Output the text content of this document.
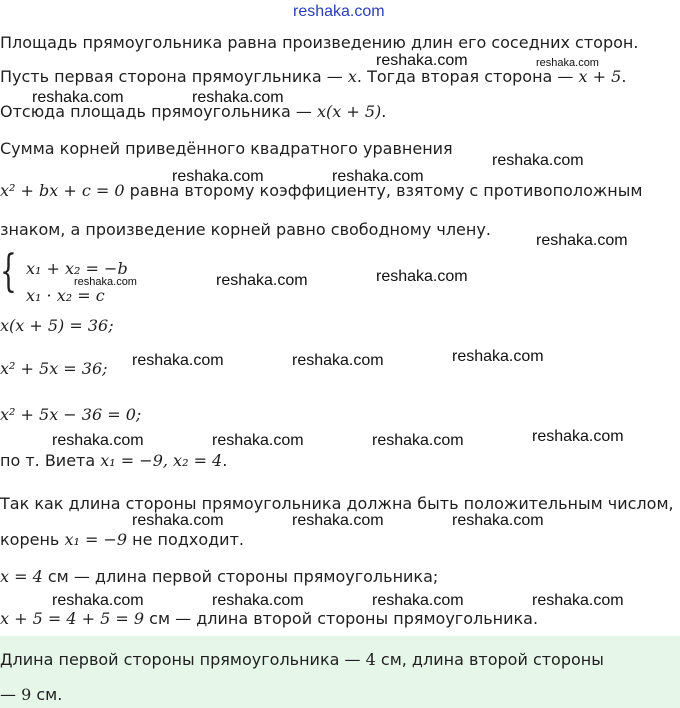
reshaka.com
Площадь прямоугольника равна произведению длин его соседних сторон.
Пусть первая сторона прямоугльника — x. Тогда вторая сторона — x + 5.
Отсюда площадь прямоугольника — x(x + 5).
Сумма корней приведённого квадратного уравнения
x² + bx + c = 0 равна второму коэффициенту, взятому с противоположным
знаком, а произведение корней равно свободному члену.
{ x₁ + x₂ = −b
x₁ · x₂ = c
x(x + 5) = 36;
x² + 5x = 36;
x² + 5x − 36 = 0;
по т. Виета x₁ = −9, x₂ = 4.
Так как длина стороны прямоугольника должна быть положительным числом,
корень x₁ = −9 не подходит.
x = 4 см — длина первой стороны прямоугольника;
x + 5 = 4 + 5 = 9 см — длина второй стороны прямоугольника.
Длина первой стороны прямоугольника — 4 см, длина второй стороны
— 9 см.
reshaka.com	reshaka.com
reshaka.com	reshaka.com
reshaka.com
reshaka.com	reshaka.com
reshaka.com
reshaka.com
reshaka.com
reshaka.com
reshaka.com	reshaka.com	reshaka.com
reshaka.com	reshaka.com	reshaka.com	reshaka.com
reshaka.com	reshaka.com	reshaka.com
reshaka.com	reshaka.com	reshaka.com	reshaka.com
